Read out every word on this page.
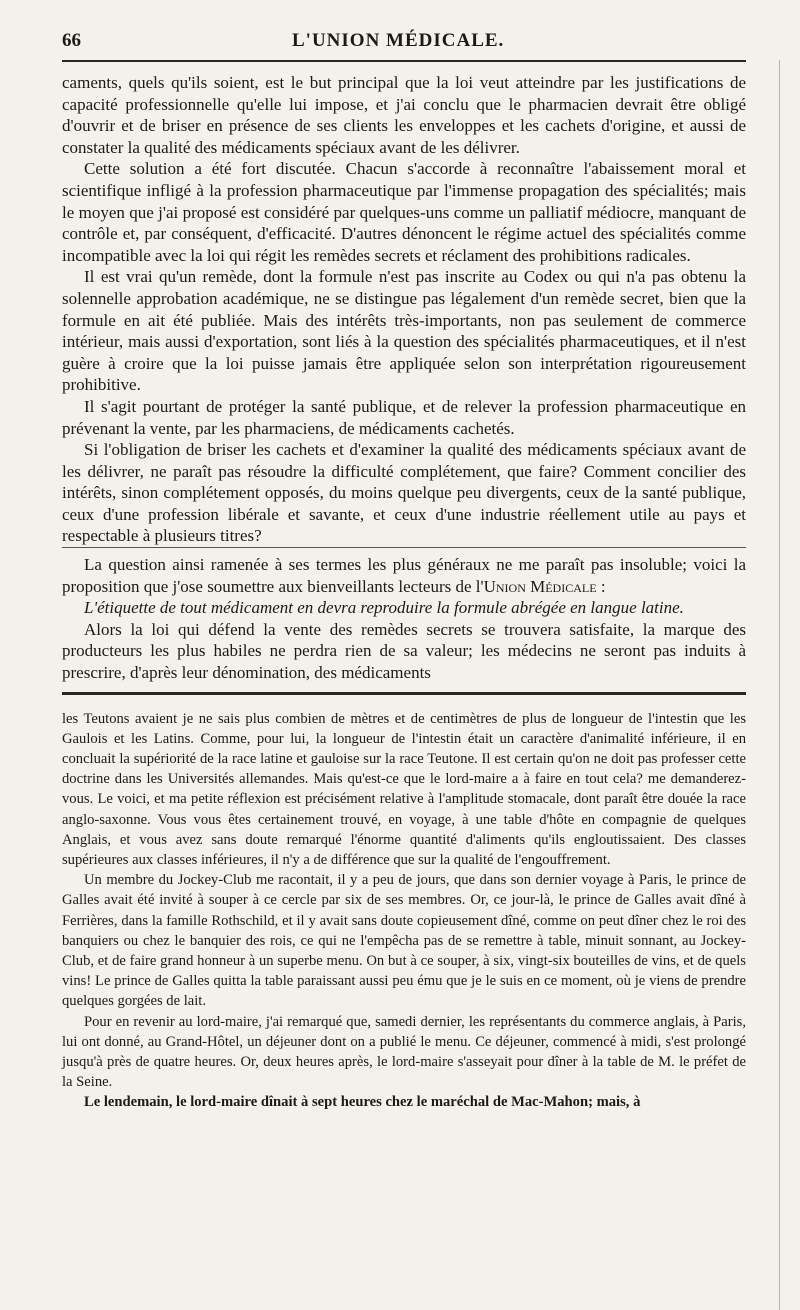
66	L'UNION MÉDICALE.

caments, quels qu'ils soient, est le but principal que la loi veut atteindre par les justifications de capacité professionnelle qu'elle lui impose, et j'ai conclu que le pharmacien devrait être obligé d'ouvrir et de briser en présence de ses clients les enveloppes et les cachets d'origine, et aussi de constater la qualité des médicaments spéciaux avant de les délivrer.

Cette solution a été fort discutée. Chacun s'accorde à reconnaître l'abaissement moral et scientifique infligé à la profession pharmaceutique par l'immense propagation des spécialités; mais le moyen que j'ai proposé est considéré par quelques-uns comme un palliatif médiocre, manquant de contrôle et, par conséquent, d'efficacité. D'autres dénoncent le régime actuel des spécialités comme incompatible avec la loi qui régit les remèdes secrets et réclament des prohibitions radicales.

Il est vrai qu'un remède, dont la formule n'est pas inscrite au Codex ou qui n'a pas obtenu la solennelle approbation académique, ne se distingue pas légalement d'un remède secret, bien que la formule en ait été publiée. Mais des intérêts très-importants, non pas seulement de commerce intérieur, mais aussi d'exportation, sont liés à la question des spécialités pharmaceutiques, et il n'est guère à croire que la loi puisse jamais être appliquée selon son interprétation rigoureusement prohibitive.

Il s'agit pourtant de protéger la santé publique, et de relever la profession pharmaceutique en prévenant la vente, par les pharmaciens, de médicaments cachetés.

Si l'obligation de briser les cachets et d'examiner la qualité des médicaments spéciaux avant de les délivrer, ne paraît pas résoudre la difficulté complétement, que faire? Comment concilier des intérêts, sinon complétement opposés, du moins quelque peu divergents, ceux de la santé publique, ceux d'une profession libérale et savante, et ceux d'une industrie réellement utile au pays et respectable à plusieurs titres?

La question ainsi ramenée à ses termes les plus généraux ne me paraît pas insoluble; voici la proposition que j'ose soumettre aux bienveillants lecteurs de l'Union Médicale :

L'étiquette de tout médicament en devra reproduire la formule abrégée en langue latine.

Alors la loi qui défend la vente des remèdes secrets se trouvera satisfaite, la marque des producteurs les plus habiles ne perdra rien de sa valeur; les médecins ne seront pas induits à prescrire, d'après leur dénomination, des médicaments

les Teutons avaient je ne sais plus combien de mètres et de centimètres de plus de longueur de l'intestin que les Gaulois et les Latins. Comme, pour lui, la longueur de l'intestin était un caractère d'animalité inférieure, il en concluait la supériorité de la race latine et gauloise sur la race Teutone. Il est certain qu'on ne doit pas professer cette doctrine dans les Universités allemandes. Mais qu'est-ce que le lord-maire a à faire en tout cela? me demanderez-vous. Le voici, et ma petite réflexion est précisément relative à l'amplitude stomacale, dont paraît être douée la race anglo-saxonne. Vous vous êtes certainement trouvé, en voyage, à une table d'hôte en compagnie de quelques Anglais, et vous avez sans doute remarqué l'énorme quantité d'aliments qu'ils engloutissaient. Des classes supérieures aux classes inférieures, il n'y a de différence que sur la qualité de l'engouffrement.

Un membre du Jockey-Club me racontait, il y a peu de jours, que dans son dernier voyage à Paris, le prince de Galles avait été invité à souper à ce cercle par six de ses membres. Or, ce jour-là, le prince de Galles avait dîné à Ferrières, dans la famille Rothschild, et il y avait sans doute copieusement dîné, comme on peut dîner chez le roi des banquiers ou chez le banquier des rois, ce qui ne l'empêcha pas de se remettre à table, minuit sonnant, au Jockey-Club, et de faire grand honneur à un superbe menu. On but à ce souper, à six, vingt-six bouteilles de vins, et de quels vins! Le prince de Galles quitta la table paraissant aussi peu ému que je le suis en ce moment, où je viens de prendre quelques gorgées de lait.

Pour en revenir au lord-maire, j'ai remarqué que, samedi dernier, les représentants du commerce anglais, à Paris, lui ont donné, au Grand-Hôtel, un déjeuner dont on a publié le menu. Ce déjeuner, commencé à midi, s'est prolongé jusqu'à près de quatre heures. Or, deux heures après, le lord-maire s'asseyait pour dîner à la table de M. le préfet de la Seine.

Le lendemain, le lord-maire dînait à sept heures chez le maréchal de Mac-Mahon; mais, à
